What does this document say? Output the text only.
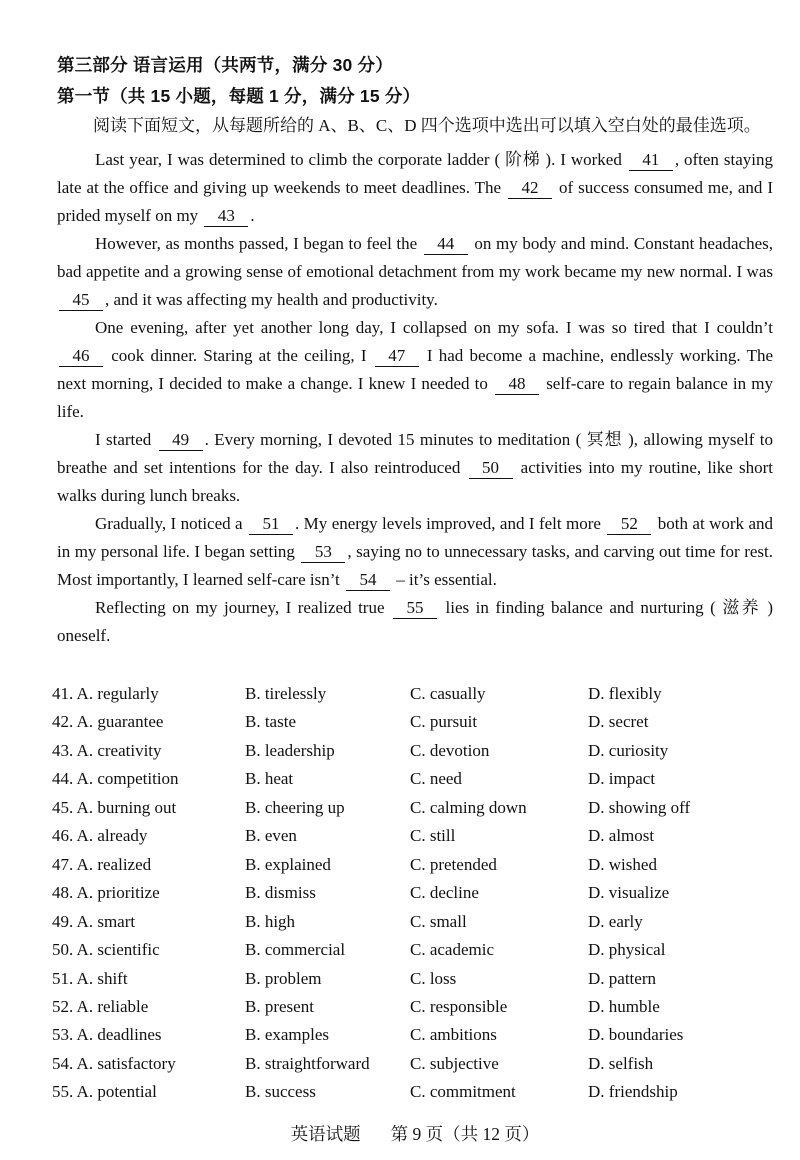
第三部分 语言运用（共两节，满分 30 分）
第一节（共 15 小题，每题 1 分，满分 15 分）
阅读下面短文，从每题所给的 A、B、C、D 四个选项中选出可以填入空白处的最佳选项。

Last year, I was determined to climb the corporate ladder ( 阶梯 ). I worked 41 , often staying late at the office and giving up weekends to meet deadlines. The 42 of success consumed me, and I prided myself on my 43 .

However, as months passed, I began to feel the 44 on my body and mind. Constant headaches, bad appetite and a growing sense of emotional detachment from my work became my new normal. I was 45 , and it was affecting my health and productivity.

One evening, after yet another long day, I collapsed on my sofa. I was so tired that I couldn’t 46 cook dinner. Staring at the ceiling, I 47 I had become a machine, endlessly working. The next morning, I decided to make a change. I knew I needed to 48 self-care to regain balance in my life.

I started 49 . Every morning, I devoted 15 minutes to meditation ( 冥想 ), allowing myself to breathe and set intentions for the day. I also reintroduced 50 activities into my routine, like short walks during lunch breaks.

Gradually, I noticed a 51 . My energy levels improved, and I felt more 52 both at work and in my personal life. I began setting 53 , saying no to unnecessary tasks, and carving out time for rest. Most importantly, I learned self-care isn’t 54 – it’s essential.

Reflecting on my journey, I realized true 55 lies in finding balance and nurturing ( 滋养 ) oneself.

41. A. regularly	B. tirelessly	C. casually	D. flexibly
42. A. guarantee	B. taste	C. pursuit	D. secret
43. A. creativity	B. leadership	C. devotion	D. curiosity
44. A. competition	B. heat	C. need	D. impact
45. A. burning out	B. cheering up	C. calming down	D. showing off
46. A. already	B. even	C. still	D. almost
47. A. realized	B. explained	C. pretended	D. wished
48. A. prioritize	B. dismiss	C. decline	D. visualize
49. A. smart	B. high	C. small	D. early
50. A. scientific	B. commercial	C. academic	D. physical
51. A. shift	B. problem	C. loss	D. pattern
52. A. reliable	B. present	C. responsible	D. humble
53. A. deadlines	B. examples	C. ambitions	D. boundaries
54. A. satisfactory	B. straightforward	C. subjective	D. selfish
55. A. potential	B. success	C. commitment	D. friendship
英语试题 第 9 页（共 12 页）
